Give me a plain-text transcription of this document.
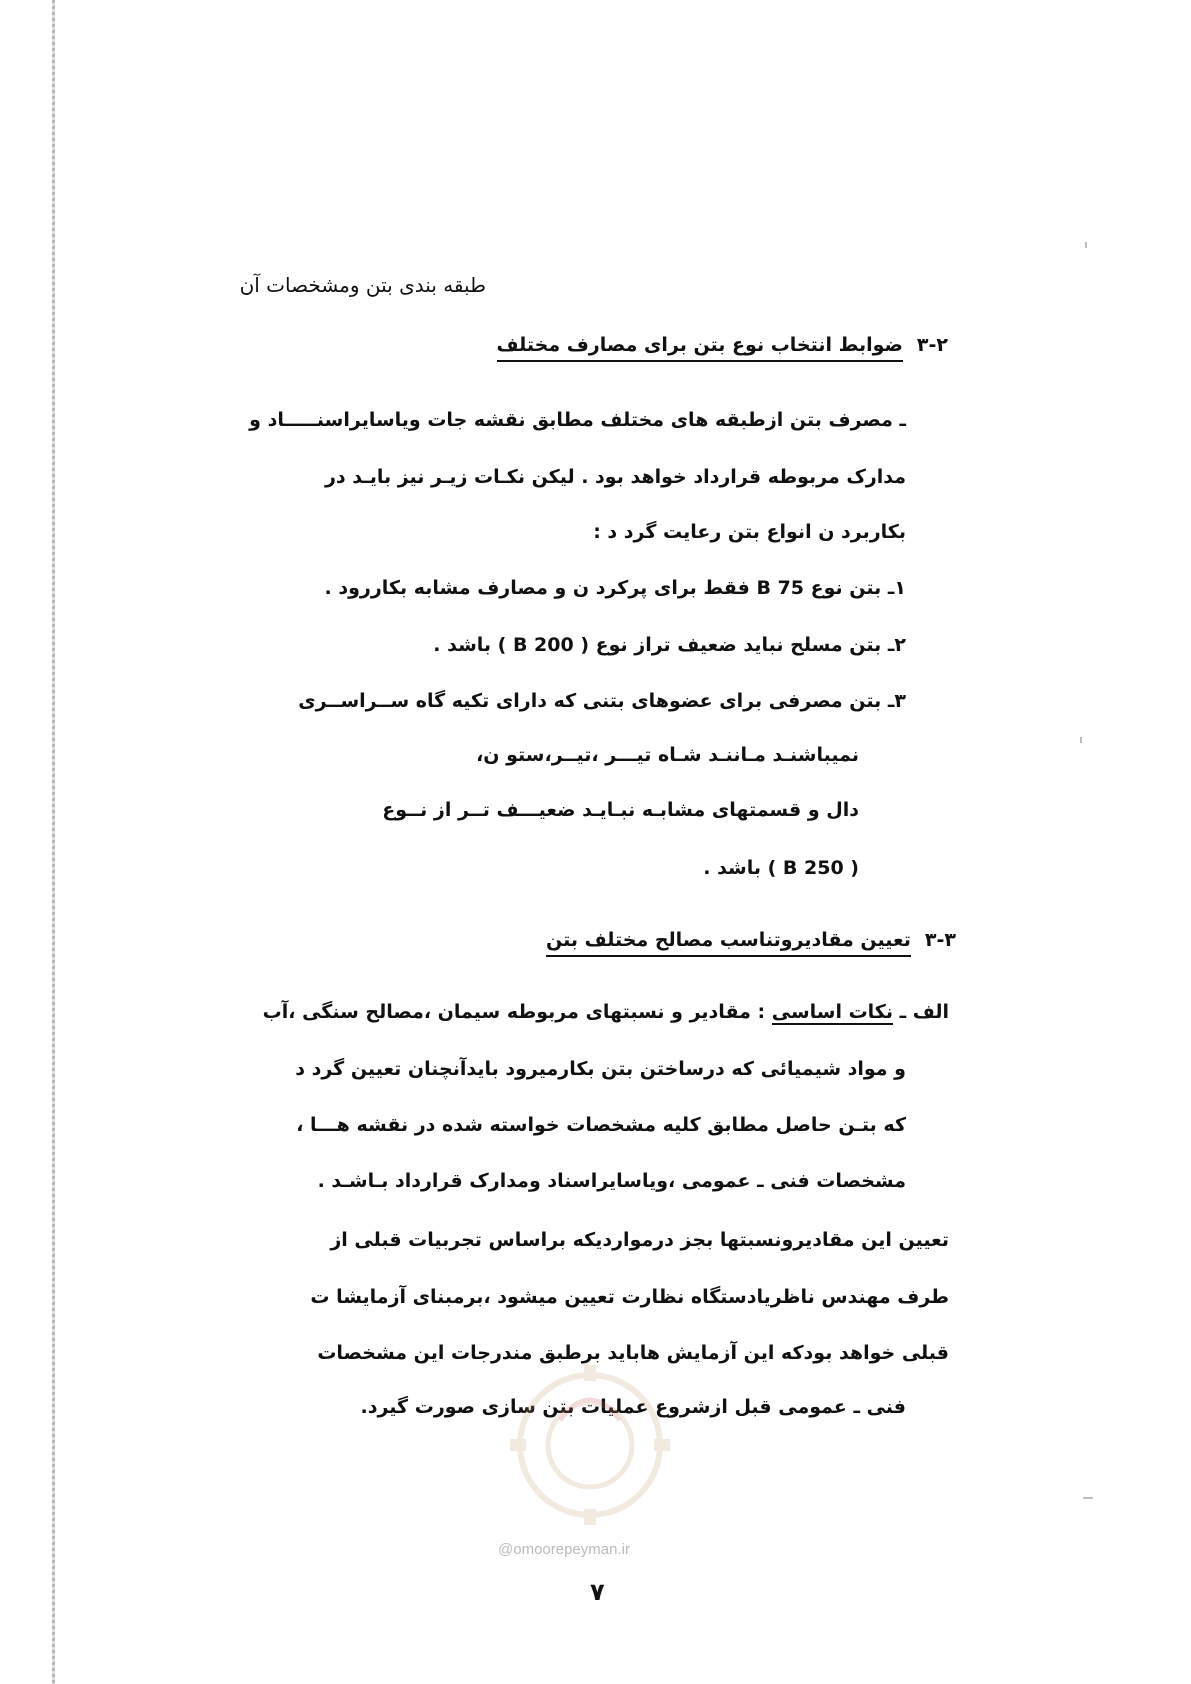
طبقه بندی بتن ومشخصات آن
۳-۲ضوابط انتخاب نوع بتن برای مصارف مختلف
ـ مصرف بتن ازطبقه های مختلف مطابق نقشه جات ویاسایراسنـــــاد و
مدارک مربوطه قرارداد خواهد بود . لیکن نکـات زیـر نیز بایـد در
بکاربرد ن انواع بتن رعایت گرد د :
۱ـ بتن نوع B 75 فقط برای پرکرد ن و مصارف مشابه بکاررود .
۲ـ بتن مسلح نباید ضعیف تراز نوع ( B 200 ) باشد .
۳ـ بتن مصرفی برای عضوهای بتنی که دارای تکیه گاه ســراســری
نمیباشنـد مـاننـد شـاه تیـــر ،تیــر،ستو ن،
دال و قسمتهای مشابـه نبـایـد ضعیـــف تــر از نــوع
( B 250 ) باشد .
۳-۳تعیین مقادیروتناسب مصالح مختلف بتن
الف ـ نکات اساسی : مقادیر و نسبتهای مربوطه سیمان ،مصالح سنگی ،آب
و مواد شیمیائی که درساختن بتن بکارمیرود بایدآنچنان تعیین گرد د
که بتـن حاصل مطابق کلیه مشخصات خواسته شده در نقشه هـــا ،
مشخصات فنی ـ عمومی ،ویاسایراسناد ومدارک قرارداد بـاشـد .
تعیین این مقادیرونسبتها بجز درمواردیکه براساس تجربیات قبلی از
طرف مهندس ناظریادستگاه نظارت تعیین میشود ،برمبنای آزمایشا ت
قبلی خواهد بودکه این آزمایش هاباید برطبق مندرجات این مشخصات
فنی ـ عمومی قبل ازشروع عملیات بتن سازی صورت گیرد.
@omoorepeyman.ir
۷
